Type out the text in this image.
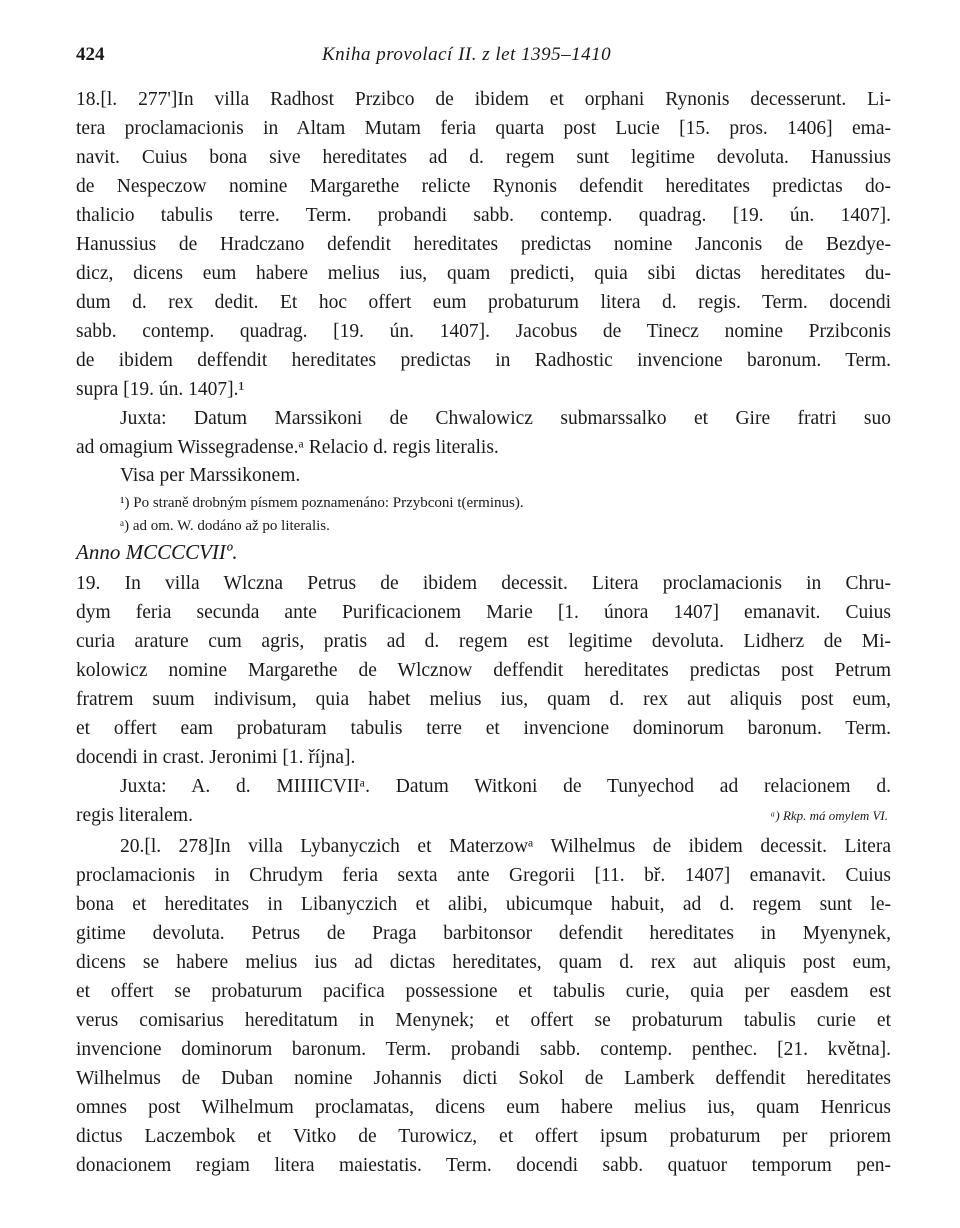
424	Kniha provolací II. z let 1395–1410
18.[l. 277']In villa Radhost Przibco de ibidem et orphani Rynonis decesserunt. Li-
tera proclamacionis in Altam Mutam feria quarta post Lucie [15. pros. 1406] ema-
navit. Cuius bona sive hereditates ad d. regem sunt legitime devoluta. Hanussius
de Nespeczow nomine Margarethe relicte Rynonis defendit hereditates predictas do-
thalicio tabulis terre. Term. probandi sabb. contemp. quadrag. [19. ún. 1407].
Hanussius de Hradczano defendit hereditates predictas nomine Janconis de Bezdye-
dicz, dicens eum habere melius ius, quam predicti, quia sibi dictas hereditates du-
dum d. rex dedit. Et hoc offert eum probaturum litera d. regis. Term. docendi
sabb. contemp. quadrag. [19. ún. 1407]. Jacobus de Tinecz nomine Przibconis
de ibidem deffendit hereditates predictas in Radhostic invencione baronum. Term.
supra [19. ún. 1407].¹
Juxta: Datum Marssikoni de Chwalowicz submarssalko et Gire fratri suo
ad omagium Wissegradense.ᵃ Relacio d. regis literalis.
Visa per Marssikonem.
¹) Po straně drobným písmem poznamenáno: Przybconi t(erminus).
ᵃ) ad om. W. dodáno až po literalis.
Anno MCCCCVIIº.
19. In villa Wlczna Petrus de ibidem decessit. Litera proclamacionis in Chru-
dym feria secunda ante Purificacionem Marie [1. února 1407] emanavit. Cuius
curia arature cum agris, pratis ad d. regem est legitime devoluta. Lidherz de Mi-
kolowicz nomine Margarethe de Wlcznow deffendit hereditates predictas post Petrum
fratrem suum indivisum, quia habet melius ius, quam d. rex aut aliquis post eum,
et offert eam probaturam tabulis terre et invencione dominorum baronum. Term.
docendi in crast. Jeronimi [1. října].
Juxta: A. d. MIIIICVIIᵃ. Datum Witkoni de Tunyechod ad relacionem d.
regis literalem.	ᵃ) Rkp. má omylem VI.
20.[l. 278]In villa Lybanyczich et Materzowᵃ Wilhelmus de ibidem decessit. Litera
proclamacionis in Chrudym feria sexta ante Gregorii [11. bř. 1407] emanavit. Cuius
bona et hereditates in Libanyczich et alibi, ubicumque habuit, ad d. regem sunt le-
gitime devoluta. Petrus de Praga barbitonsor defendit hereditates in Myenynek,
dicens se habere melius ius ad dictas hereditates, quam d. rex aut aliquis post eum,
et offert se probaturum pacifica possessione et tabulis curie, quia per easdem est
verus comisarius hereditatum in Menynek; et offert se probaturum tabulis curie et
invencione dominorum baronum. Term. probandi sabb. contemp. penthec. [21. května].
Wilhelmus de Duban nomine Johannis dicti Sokol de Lamberk deffendit hereditates
omnes post Wilhelmum proclamatas, dicens eum habere melius ius, quam Henricus
dictus Laczembok et Vitko de Turowicz, et offert ipsum probaturum per priorem
donacionem regiam litera maiestatis. Term. docendi sabb. quatuor temporum pen-
